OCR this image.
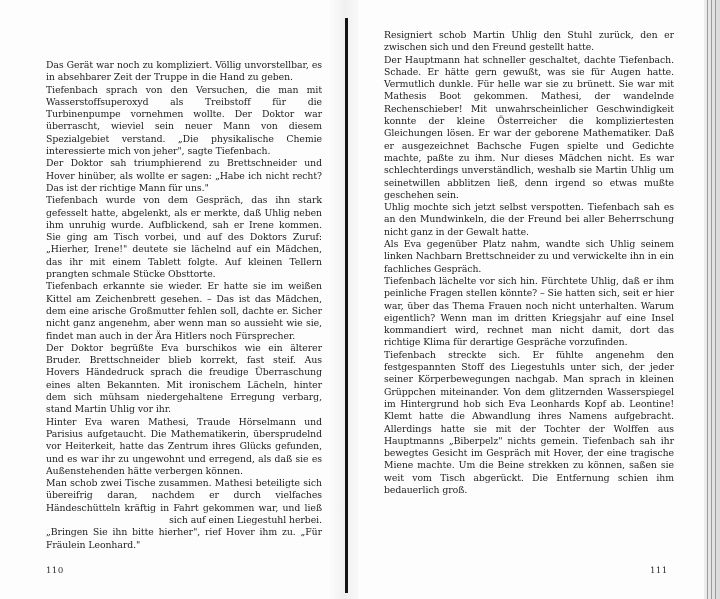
Das Gerät war noch zu kompliziert. Völlig unvorstellbar, es in absehbarer Zeit der Truppe in die Hand zu geben.

Tiefenbach sprach von den Versuchen, die man mit Wasserstoffsuperoxyd als Treibstoff für die Turbinenpumpe vornehmen wollte. Der Doktor war überrascht, wieviel sein neuer Mann von diesem Spezialgebiet verstand. „Die physikalische Chemie interessierte mich von jeher", sagte Tiefenbach.

Der Doktor sah triumphierend zu Brettschneider und Hover hinüber, als wollte er sagen: „Habe ich nicht recht? Das ist der richtige Mann für uns."

Tiefenbach wurde von dem Gespräch, das ihn stark gefesselt hatte, abgelenkt, als er merkte, daß Uhlig neben ihm unruhig wurde. Aufblickend, sah er Irene kommen. Sie ging am Tisch vorbei, und auf des Doktors Zuruf: „Hierher, Irene!" deutete sie lächelnd auf ein Mädchen, das ihr mit einem Tablett folgte. Auf kleinen Tellern prangten schmale Stücke Obsttorte.

Tiefenbach erkannte sie wieder. Er hatte sie im weißen Kittel am Zeichenbrett gesehen. – Das ist das Mädchen, dem eine arische Großmutter fehlen soll, dachte er. Sicher nicht ganz angenehm, aber wenn man so aussieht wie sie, findet man auch in der Ära Hitlers noch Fürsprecher.

Der Doktor begrüßte Eva burschikos wie ein älterer Bruder. Brettschneider blieb korrekt, fast steif. Aus Hovers Händedruck sprach die freudige Überraschung eines alten Bekannten. Mit ironischem Lächeln, hinter dem sich mühsam niedergehaltene Erregung verbarg, stand Martin Uhlig vor ihr.

Hinter Eva waren Mathesi, Traude Hörselmann und Parisius aufgetaucht. Die Mathematikerin, übersprudelnd vor Heiterkeit, hatte das Zentrum ihres Glücks gefunden, und es war ihr zu ungewohnt und erregend, als daß sie es Außenstehenden hätte verbergen können.

Man schob zwei Tische zusammen. Mathesi beteiligte sich übereifrig daran, nachdem er durch vielfaches Händeschütteln kräftig in Fahrt gekommen war, und ließ sich auf einen Liegestuhl herbei.

„Bringen Sie ihn bitte hierher", rief Hover ihm zu. „Für Fräulein Leonhard."

110

Resigniert schob Martin Uhlig den Stuhl zurück, den er zwischen sich und den Freund gestellt hatte.

Der Hauptmann hat schneller geschaltet, dachte Tiefenbach. Schade. Er hätte gern gewußt, was sie für Augen hatte. Vermutlich dunkle. Für helle war sie zu brünett. Sie war mit Mathesis Boot gekommen. Mathesi, der wandelnde Rechenschieber! Mit unwahrscheinlicher Geschwindigkeit konnte der kleine Österreicher die kompliziertesten Gleichungen lösen. Er war der geborene Mathematiker. Daß er ausgezeichnet Bachsche Fugen spielte und Gedichte machte, paßte zu ihm. Nur dieses Mädchen nicht. Es war schlechterdings unverständlich, weshalb sie Martin Uhlig um seinetwillen abblitzen ließ, denn irgend so etwas mußte geschehen sein.

Uhlig mochte sich jetzt selbst verspotten. Tiefenbach sah es an den Mundwinkeln, die der Freund bei aller Beherrschung nicht ganz in der Gewalt hatte.

Als Eva gegenüber Platz nahm, wandte sich Uhlig seinem linken Nachbarn Brettschneider zu und verwickelte ihn in ein fachliches Gespräch.

Tiefenbach lächelte vor sich hin. Fürchtete Uhlig, daß er ihm peinliche Fragen stellen könnte? – Sie hatten sich, seit er hier war, über das Thema Frauen noch nicht unterhalten. Warum eigentlich? Wenn man im dritten Kriegsjahr auf eine Insel kommandiert wird, rechnet man nicht damit, dort das richtige Klima für derartige Gespräche vorzufinden.

Tiefenbach streckte sich. Er fühlte angenehm den festgespannten Stoff des Liegestuhls unter sich, der jeder seiner Körperbewegungen nachgab. Man sprach in kleinen Grüppchen miteinander. Von dem glitzernden Wasserspiegel im Hintergrund hob sich Eva Leonhards Kopf ab. Leontine! Klemt hatte die Abwandlung ihres Namens aufgebracht. Allerdings hatte sie mit der Tochter der Wolffen aus Hauptmanns „Biberpelz" nichts gemein. Tiefenbach sah ihr bewegtes Gesicht im Gespräch mit Hover, der eine tragische Miene machte. Um die Beine strekken zu können, saßen sie weit vom Tisch abgerückt. Die Entfernung schien ihm bedauerlich groß.

111
